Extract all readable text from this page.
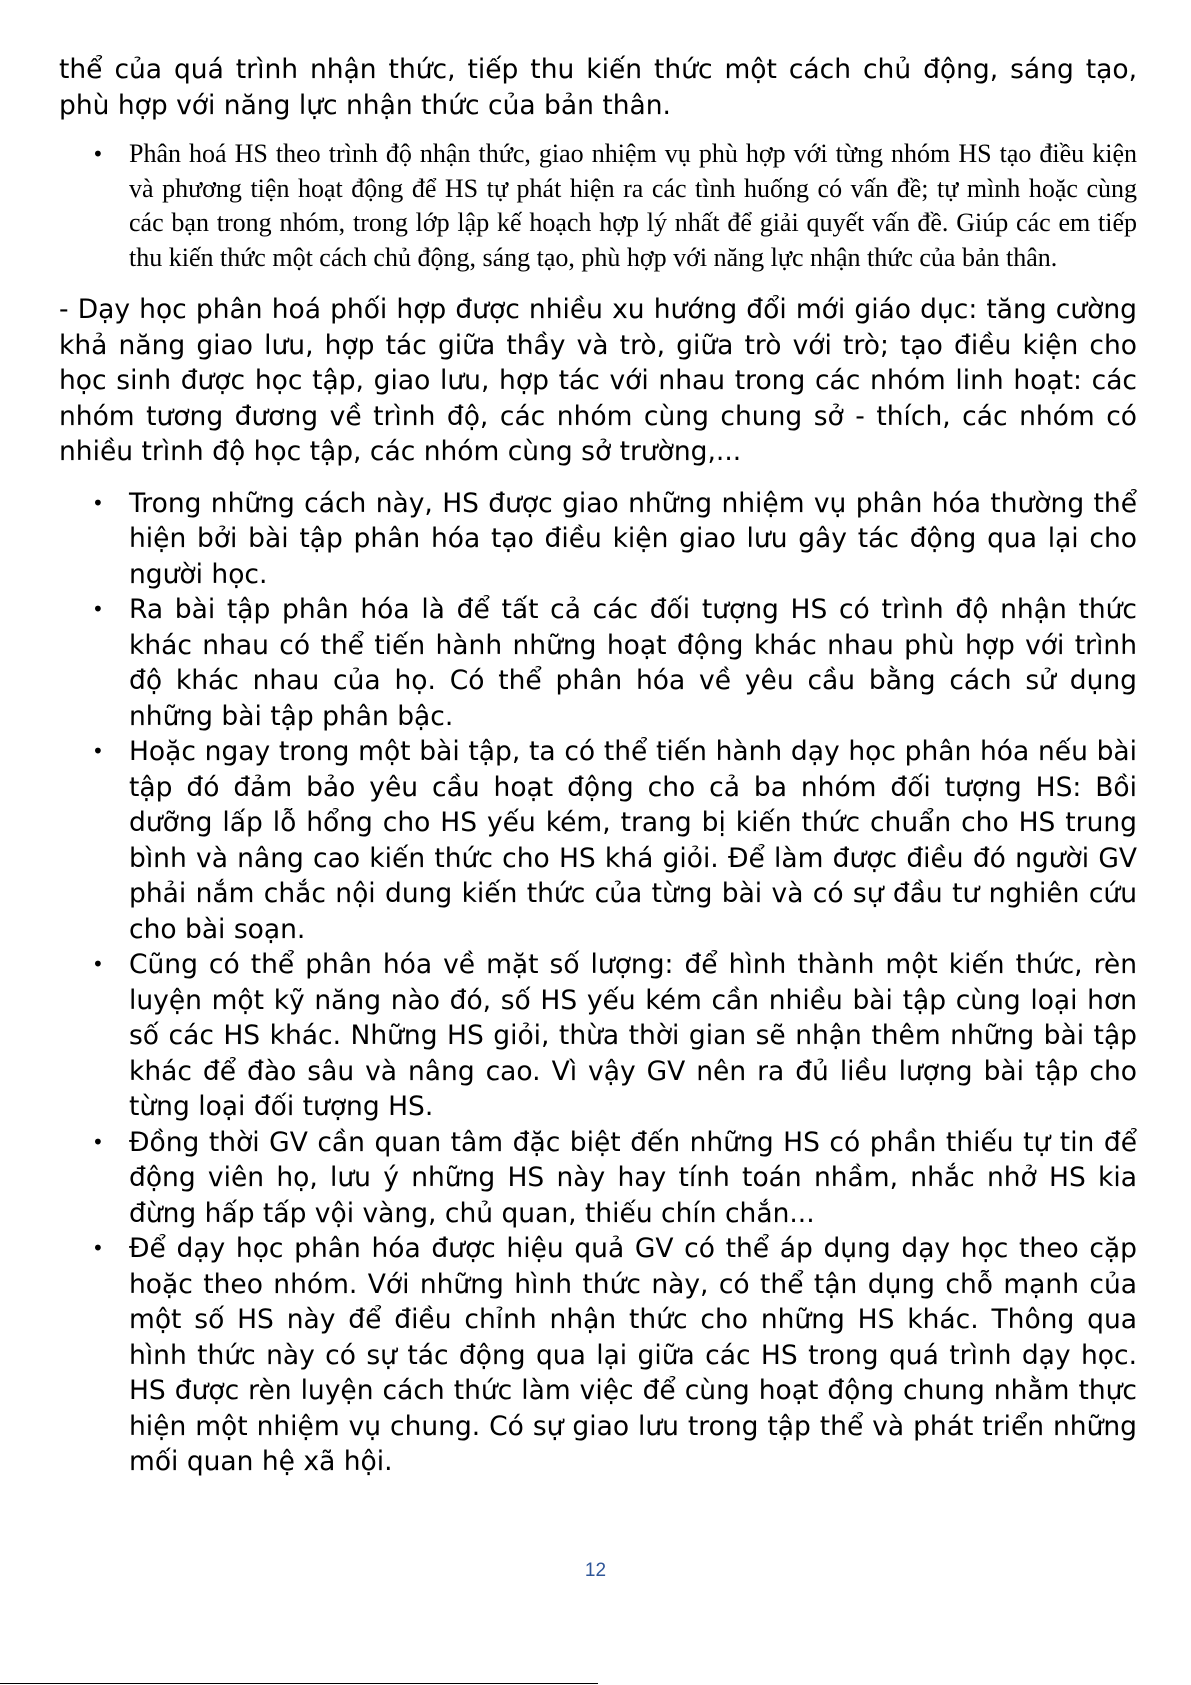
thể của quá trình nhận thức, tiếp thu kiến thức một cách chủ động, sáng tạo, phù hợp với năng lực nhận thức của bản thân.

• Phân hoá HS theo trình độ nhận thức, giao nhiệm vụ phù hợp với từng nhóm HS tạo điều kiện và phương tiện hoạt động để HS tự phát hiện ra các tình huống có vấn đề; tự mình hoặc cùng các bạn trong nhóm, trong lớp lập kế hoạch hợp lý nhất để giải quyết vấn đề. Giúp các em tiếp thu kiến thức một cách chủ động, sáng tạo, phù hợp với năng lực nhận thức của bản thân.

- Dạy học phân hoá phối hợp được nhiều xu hướng đổi mới giáo dục: tăng cường khả năng giao lưu, hợp tác giữa thầy và trò, giữa trò với trò; tạo điều kiện cho học sinh được học tập, giao lưu, hợp tác với nhau trong các nhóm linh hoạt: các nhóm tương đương về trình độ, các nhóm cùng chung sở - thích, các nhóm có nhiều trình độ học tập, các nhóm cùng sở trường,...

• Trong những cách này, HS được giao những nhiệm vụ phân hóa thường thể hiện bởi bài tập phân hóa tạo điều kiện giao lưu gây tác động qua lại cho người học.
• Ra bài tập phân hóa là để tất cả các đối tượng HS có trình độ nhận thức khác nhau có thể tiến hành những hoạt động khác nhau phù hợp với trình độ khác nhau của họ. Có thể phân hóa về yêu cầu bằng cách sử dụng những bài tập phân bậc.
• Hoặc ngay trong một bài tập, ta có thể tiến hành dạy học phân hóa nếu bài tập đó đảm bảo yêu cầu hoạt động cho cả ba nhóm đối tượng HS: Bồi dưỡng lấp lỗ hổng cho HS yếu kém, trang bị kiến thức chuẩn cho HS trung bình và nâng cao kiến thức cho HS khá giỏi. Để làm được điều đó người GV phải nắm chắc nội dung kiến thức của từng bài và có sự đầu tư nghiên cứu cho bài soạn.
• Cũng có thể phân hóa về mặt số lượng: để hình thành một kiến thức, rèn luyện một kỹ năng nào đó, số HS yếu kém cần nhiều bài tập cùng loại hơn số các HS khác. Những HS giỏi, thừa thời gian sẽ nhận thêm những bài tập khác để đào sâu và nâng cao. Vì vậy GV nên ra đủ liều lượng bài tập cho từng loại đối tượng HS.
• Đồng thời GV cần quan tâm đặc biệt đến những HS có phần thiếu tự tin để động viên họ, lưu ý những HS này hay tính toán nhầm, nhắc nhở HS kia đừng hấp tấp vội vàng, chủ quan, thiếu chín chắn...
• Để dạy học phân hóa được hiệu quả GV có thể áp dụng dạy học theo cặp hoặc theo nhóm. Với những hình thức này, có thể tận dụng chỗ mạnh của một số HS này để điều chỉnh nhận thức cho những HS khác. Thông qua hình thức này có sự tác động qua lại giữa các HS trong quá trình dạy học. HS được rèn luyện cách thức làm việc để cùng hoạt động chung nhằm thực hiện một nhiệm vụ chung. Có sự giao lưu trong tập thể và phát triển những mối quan hệ xã hội.
12
